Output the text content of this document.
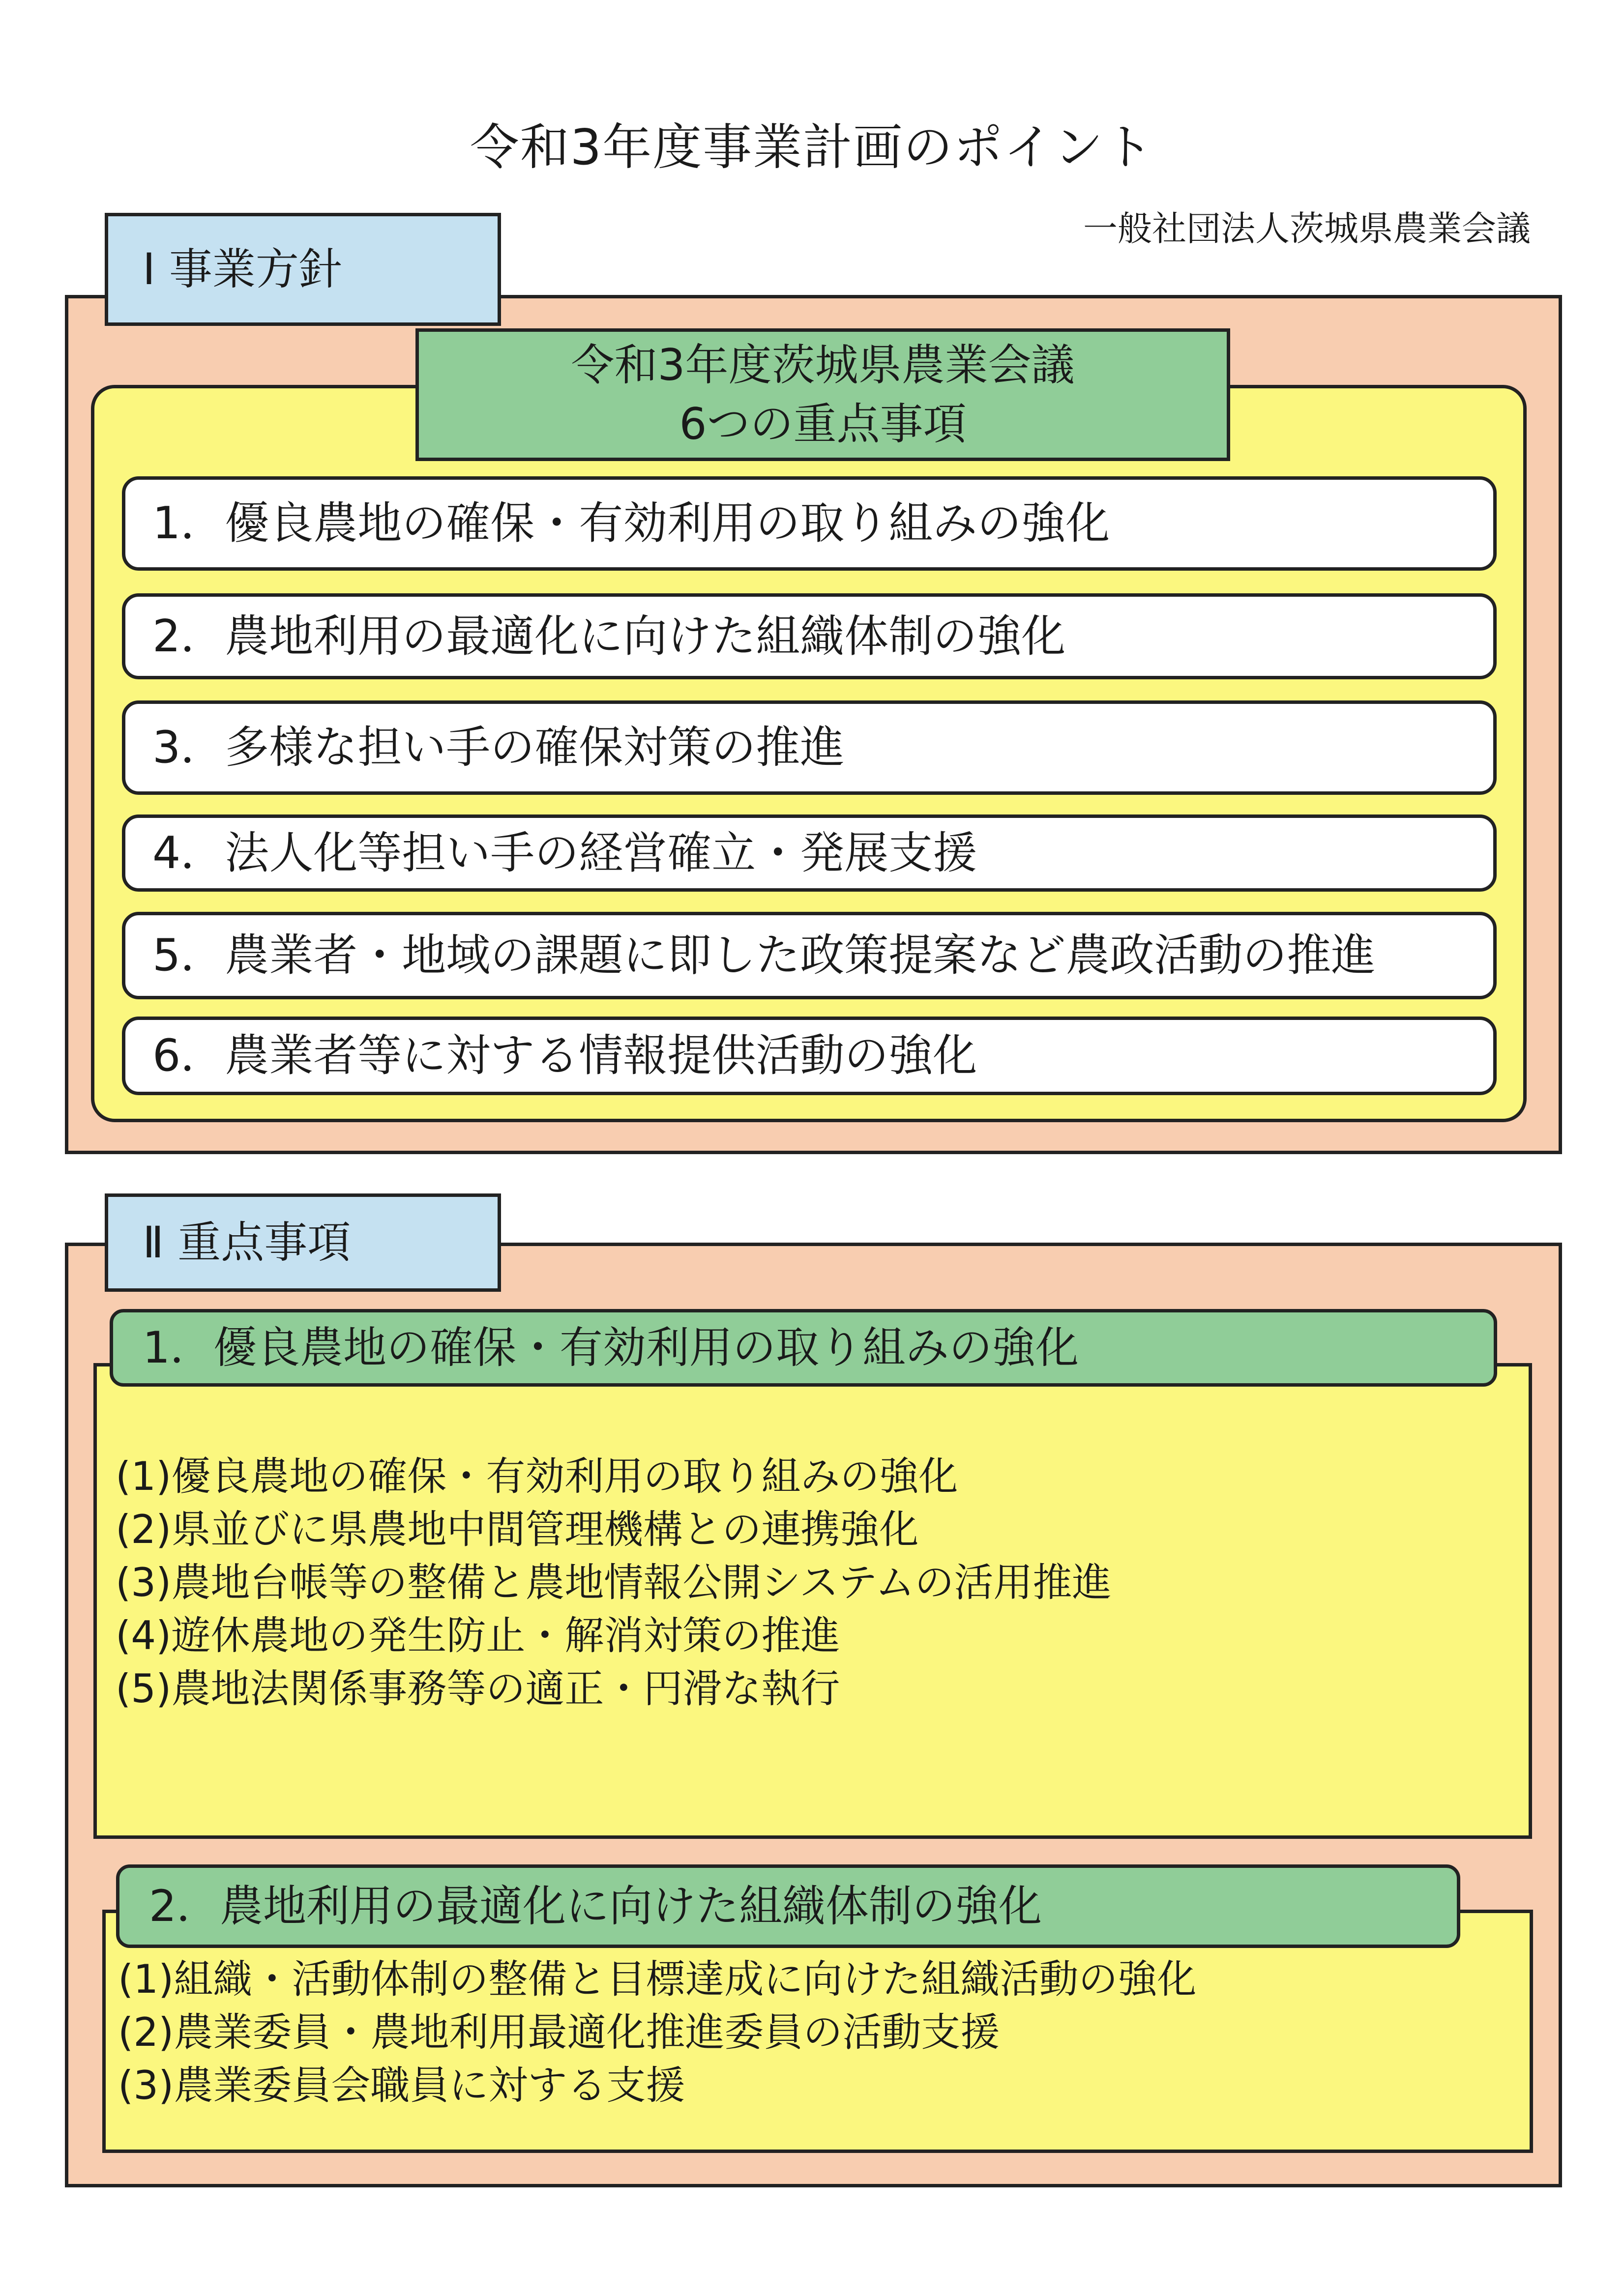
令和3年度事業計画のポイント
一般社団法人茨城県農業会議
Ⅰ 事業方針
令和3年度茨城県農業会議
6つの重点事項
1．優良農地の確保・有効利用の取り組みの強化
2．農地利用の最適化に向けた組織体制の強化
3．多様な担い手の確保対策の推進
4．法人化等担い手の経営確立・発展支援
5．農業者・地域の課題に即した政策提案など農政活動の推進
6．農業者等に対する情報提供活動の強化
Ⅱ 重点事項
1．優良農地の確保・有効利用の取り組みの強化
(1)優良農地の確保・有効利用の取り組みの強化
(2)県並びに県農地中間管理機構との連携強化
(3)農地台帳等の整備と農地情報公開システムの活用推進
(4)遊休農地の発生防止・解消対策の推進
(5)農地法関係事務等の適正・円滑な執行
2．農地利用の最適化に向けた組織体制の強化
(1)組織・活動体制の整備と目標達成に向けた組織活動の強化
(2)農業委員・農地利用最適化推進委員の活動支援
(3)農業委員会職員に対する支援
